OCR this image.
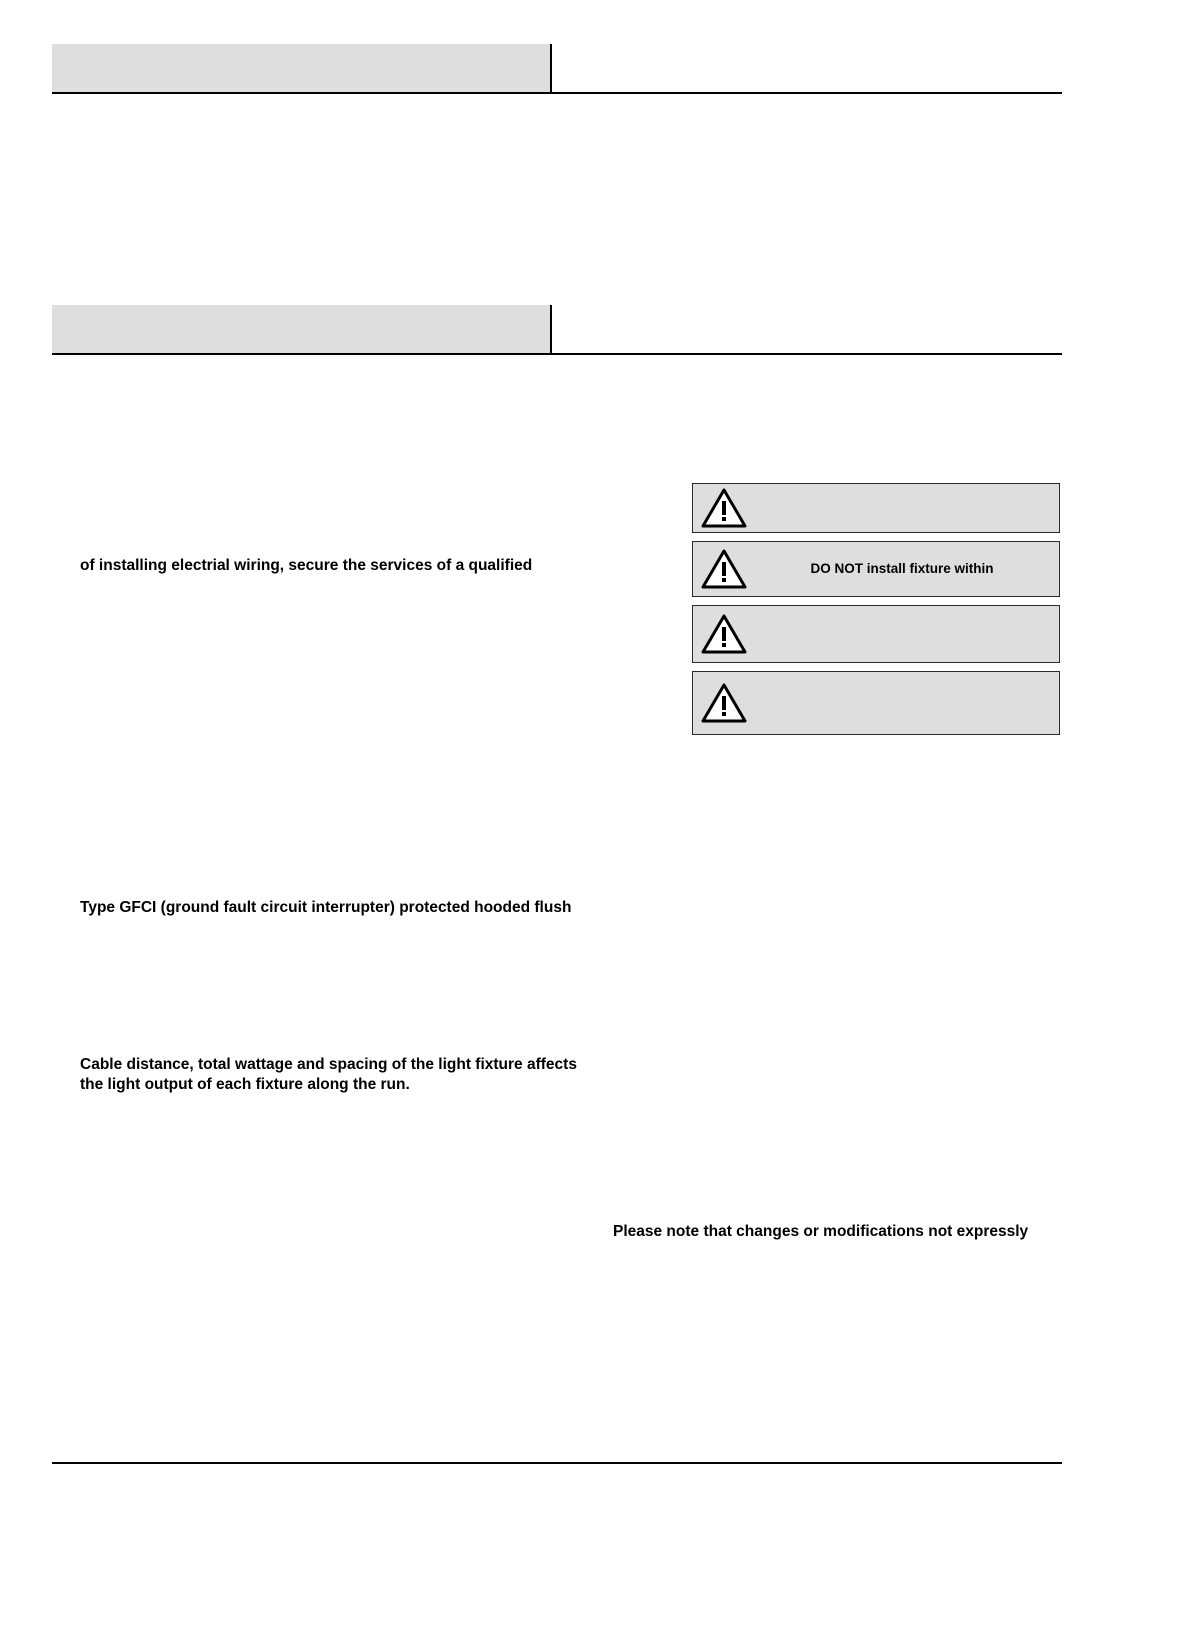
of installing electrial wiring, secure the services of a qualified

Type GFCI (ground fault circuit interrupter) protected hooded flush

Cable distance, total wattage and spacing of the light fixture affects the light output of each fixture along the run.

Please note that changes or modifications not expressly

DO NOT install fixture within
